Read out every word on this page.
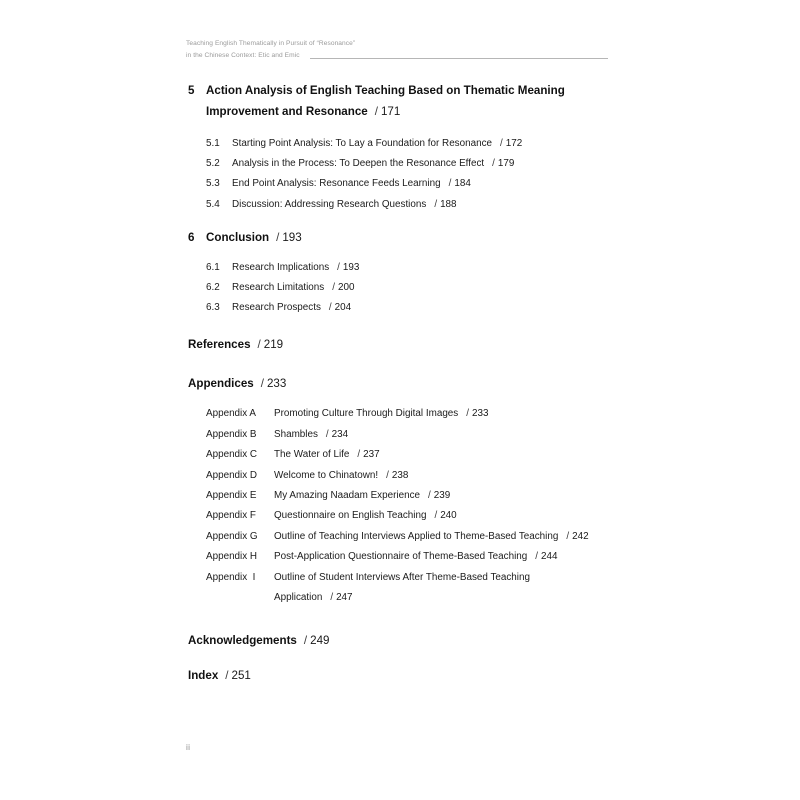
Teaching English Thematically in Pursuit of “Resonance”
in the Chinese Context: Etic and Emic
5 Action Analysis of English Teaching Based on Thematic Meaning
Improvement and Resonance / 171
5.1 Starting Point Analysis: To Lay a Foundation for Resonance / 172
5.2 Analysis in the Process: To Deepen the Resonance Effect / 179
5.3 End Point Analysis: Resonance Feeds Learning / 184
5.4 Discussion: Addressing Research Questions / 188
6 Conclusion / 193
6.1 Research Implications / 193
6.2 Research Limitations / 200
6.3 Research Prospects / 204
References / 219
Appendices / 233
Appendix A Promoting Culture Through Digital Images / 233
Appendix B Shambles / 234
Appendix C The Water of Life / 237
Appendix D Welcome to Chinatown! / 238
Appendix E My Amazing Naadam Experience / 239
Appendix F Questionnaire on English Teaching / 240
Appendix G Outline of Teaching Interviews Applied to Theme-Based Teaching / 242
Appendix H Post-Application Questionnaire of Theme-Based Teaching / 244
Appendix  I Outline of Student Interviews After Theme-Based Teaching
Application / 247
Acknowledgements / 249
Index / 251
ii
